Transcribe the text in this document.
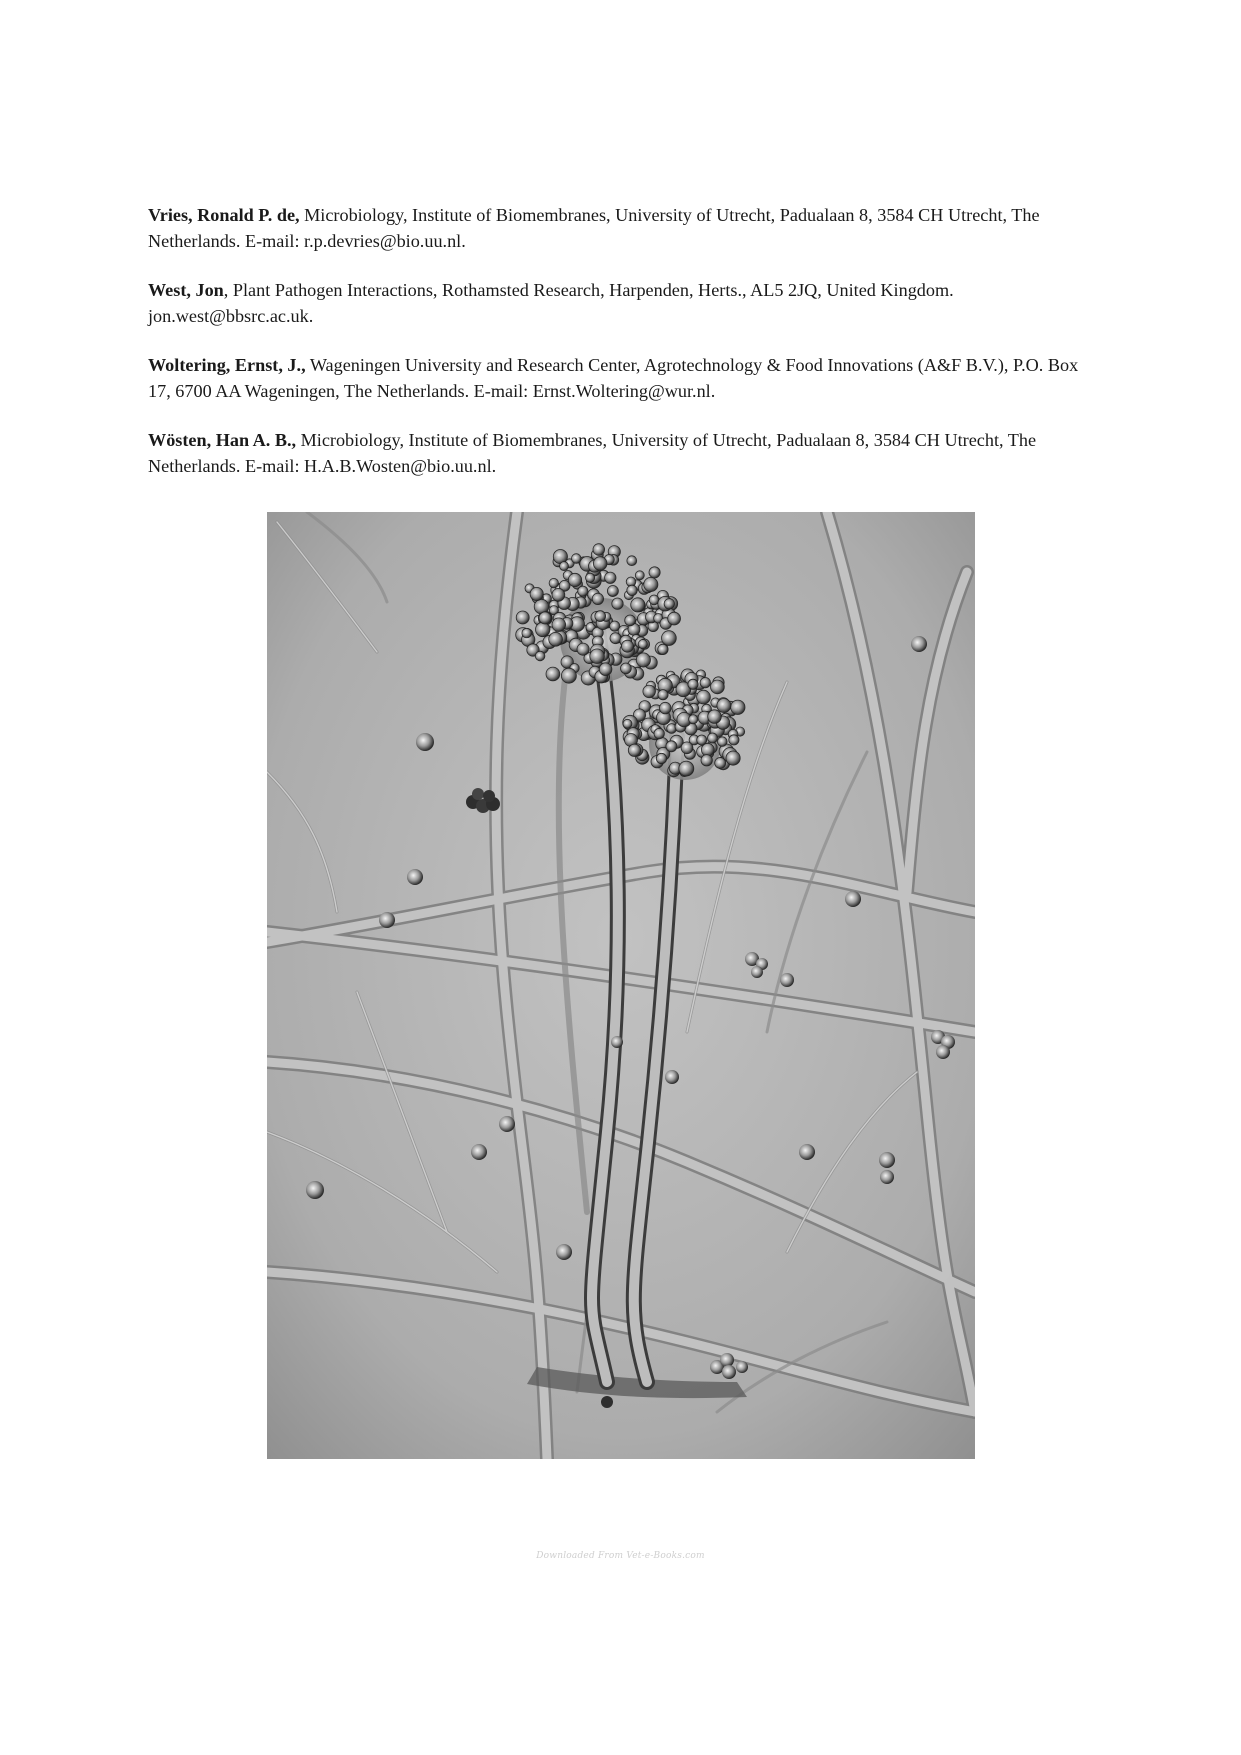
Vries, Ronald P. de, Microbiology, Institute of Biomembranes, University of Utrecht, Padualaan 8, 3584 CH Utrecht, The Netherlands. E-mail: r.p.devries@bio.uu.nl.

West, Jon, Plant Pathogen Interactions, Rothamsted Research, Harpenden, Herts., AL5 2JQ, United Kingdom. jon.west@bbsrc.ac.uk.

Woltering, Ernst, J., Wageningen University and Research Center, Agrotechnology & Food Innovations (A&F B.V.), P.O. Box 17, 6700 AA Wageningen, The Netherlands. E-mail: Ernst.Woltering@wur.nl.

Wösten, Han A. B., Microbiology, Institute of Biomembranes, University of Utrecht, Padualaan 8, 3584 CH Utrecht, The Netherlands. E-mail: H.A.B.Wosten@bio.uu.nl.

Downloaded From Vet-e-Books.com
